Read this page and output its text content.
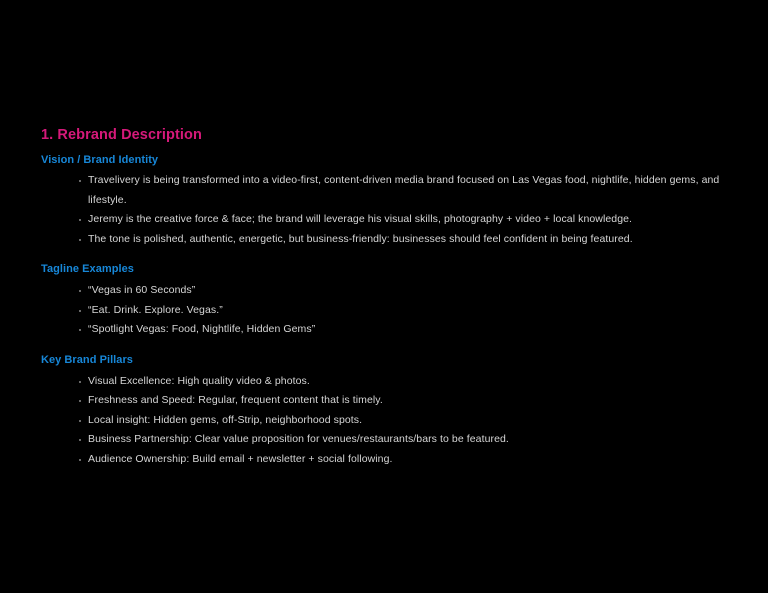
1. Rebrand Description
Vision / Brand Identity
Travelivery is being transformed into a video-first, content-driven media brand focused on Las Vegas food, nightlife, hidden gems, and lifestyle.
Jeremy is the creative force & face; the brand will leverage his visual skills, photography + video + local knowledge.
The tone is polished, authentic, energetic, but business-friendly: businesses should feel confident in being featured.
Tagline Examples
“Vegas in 60 Seconds”
“Eat. Drink. Explore. Vegas.”
“Spotlight Vegas: Food, Nightlife, Hidden Gems”
Key Brand Pillars
Visual Excellence: High quality video & photos.
Freshness and Speed: Regular, frequent content that is timely.
Local insight: Hidden gems, off-Strip, neighborhood spots.
Business Partnership: Clear value proposition for venues/restaurants/bars to be featured.
Audience Ownership: Build email + newsletter + social following.
